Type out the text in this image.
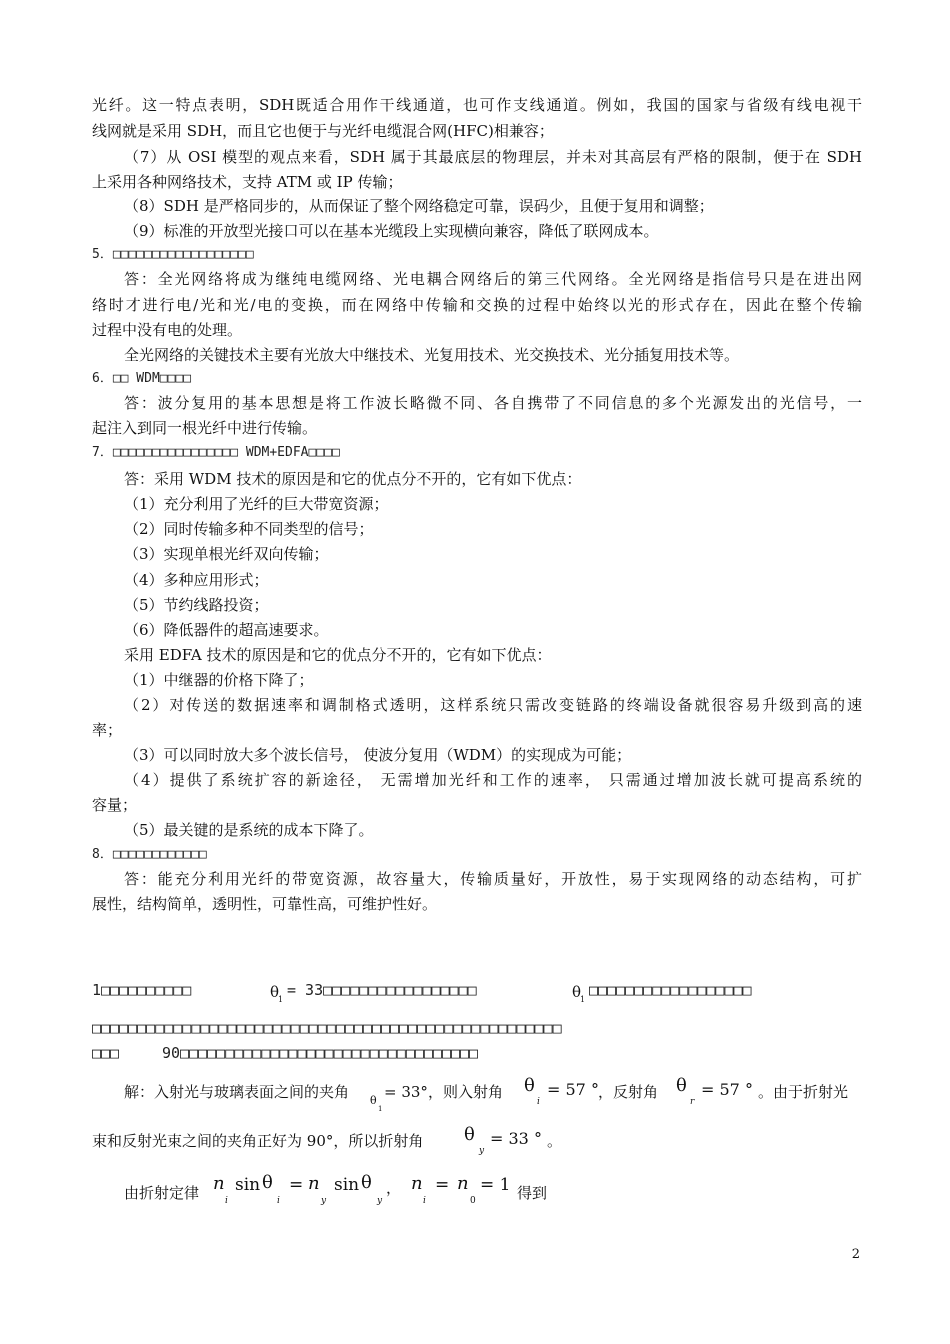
光纤。这一特点表明，SDH既适合用作干线通道，也可作支线通道。例如，我国的国家与省级有线电视干
线网就是采用 SDH，而且它也便于与光纤电缆混合网(HFC)相兼容；
（7）从 OSI 模型的观点来看，SDH 属于其最底层的物理层，并未对其高层有严格的限制，便于在 SDH
上采用各种网络技术，支持 ATM 或 IP 传输；
（8）SDH 是严格同步的，从而保证了整个网络稳定可靠，误码少，且便于复用和调整；
（9）标准的开放型光接口可以在基本光缆段上实现横向兼容，降低了联网成本。
5．□□□□□□□□□□□□□□□□□□
答：全光网络将成为继纯电缆网络、光电耦合网络后的第三代网络。全光网络是指信号只是在进出网
络时才进行电/光和光/电的变换，而在网络中传输和交换的过程中始终以光的形式存在，因此在整个传输
过程中没有电的处理。
全光网络的关键技术主要有光放大中继技术、光复用技术、光交换技术、光分插复用技术等。
6．□□ WDM□□□□
答：波分复用的基本思想是将工作波长略微不同、各自携带了不同信息的多个光源发出的光信号，一
起注入到同一根光纤中进行传输。
7．□□□□□□□□□□□□□□□□ WDM+EDFA□□□□
答：采用 WDM 技术的原因是和它的优点分不开的，它有如下优点：
（1）充分利用了光纤的巨大带宽资源；
（2）同时传输多种不同类型的信号；
（3）实现单根光纤双向传输；
（4）多种应用形式；
（5）节约线路投资；
（6）降低器件的超高速要求。
采用 EDFA 技术的原因是和它的优点分不开的，它有如下优点：
（1）中继器的价格下降了；
（2）对传送的数据速率和调制格式透明，这样系统只需改变链路的终端设备就很容易升级到高的速
率；
（3）可以同时放大多个波长信号， 使波分复用（WDM）的实现成为可能；
（4）提供了系统扩容的新途径， 无需增加光纤和工作的速率， 只需通过增加波长就可提高系统的
容量；
（5）最关键的是系统的成本下降了。
8．□□□□□□□□□□□□
答：能充分利用光纤的带宽资源，故容量大，传输质量好，开放性，易于实现网络的动态结构，可扩
展性，结构简单，透明性，可靠性高，可维护性好。
1□□□□□□□□□□	θ
1
= 33□□□□□□□□□□□□□□□□□	θ
1
□□□□□□□□□□□□□□□□□□
□□□□□□□□□□□□□□□□□□□□□□□□□□□□□□□□□□□□□□□□□□□□□□□□□□□□
□□□	90□□□□□□□□□□□□□□□□□□□□□□□□□□□□□□□□□
解：入射光与玻璃表面之间的夹角 θ
1
= 33° ，则入射角 θ
i
= 57 ° ，反射角 θ
r
= 57 ° 。由于折射光
束和反射光束之间的夹角正好为 90°，所以折射角 θ
y
= 33 ° 。
由折射定律 n
i
sin θ
i
= n
y
sin θ
y
， n
i
= n
0
= 1 得到
2
